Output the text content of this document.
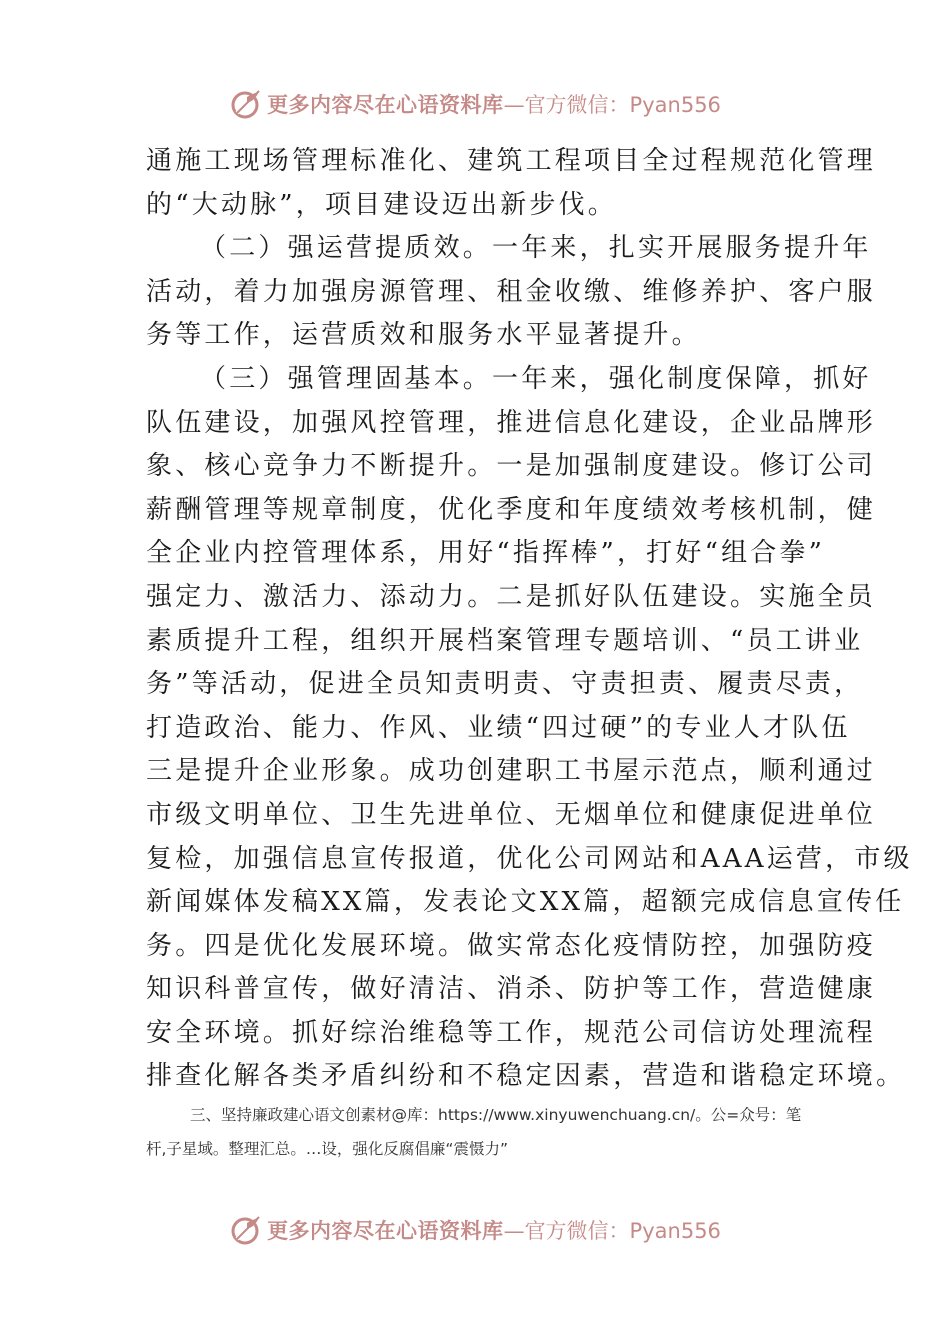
更多内容尽在心语资料库 —官方微信：Pyan556
通施工现场管理标准化、建筑工程项目全过程规范化管理
的“大动脉”，项目建设迈出新步伐。
（二）强运营提质效。一年来，扎实开展服务提升年
活动，着力加强房源管理、租金收缴、维修养护、客户服
务等工作，运营质效和服务水平显著提升。
（三）强管理固基本。一年来，强化制度保障，抓好
队伍建设，加强风控管理，推进信息化建设，企业品牌形
象、核心竞争力不断提升。一是加强制度建设。修订公司
薪酬管理等规章制度，优化季度和年度绩效考核机制，健
全企业内控管理体系，用好“指挥棒”，打好“组合拳”
强定力、激活力、添动力。二是抓好队伍建设。实施全员
素质提升工程，组织开展档案管理专题培训、“员工讲业
务”等活动，促进全员知责明责、守责担责、履责尽责，
打造政治、能力、作风、业绩“四过硬”的专业人才队伍
三是提升企业形象。成功创建职工书屋示范点，顺利通过
市级文明单位、卫生先进单位、无烟单位和健康促进单位
复检，加强信息宣传报道，优化公司网站和AAA运营，市级
新闻媒体发稿XX篇，发表论文XX篇，超额完成信息宣传任
务。四是优化发展环境。做实常态化疫情防控，加强防疫
知识科普宣传，做好清洁、消杀、防护等工作，营造健康
安全环境。抓好综治维稳等工作，规范公司信访处理流程
排查化解各类矛盾纠纷和不稳定因素，营造和谐稳定环境。
三、坚持廉政建心语文创素材@库：https://www.xinyuwenchuang.cn/。公=众号：笔
杆,子星域。整理汇总。…设，强化反腐倡廉“震慑力”
更多内容尽在心语资料库 —官方微信：Pyan556
